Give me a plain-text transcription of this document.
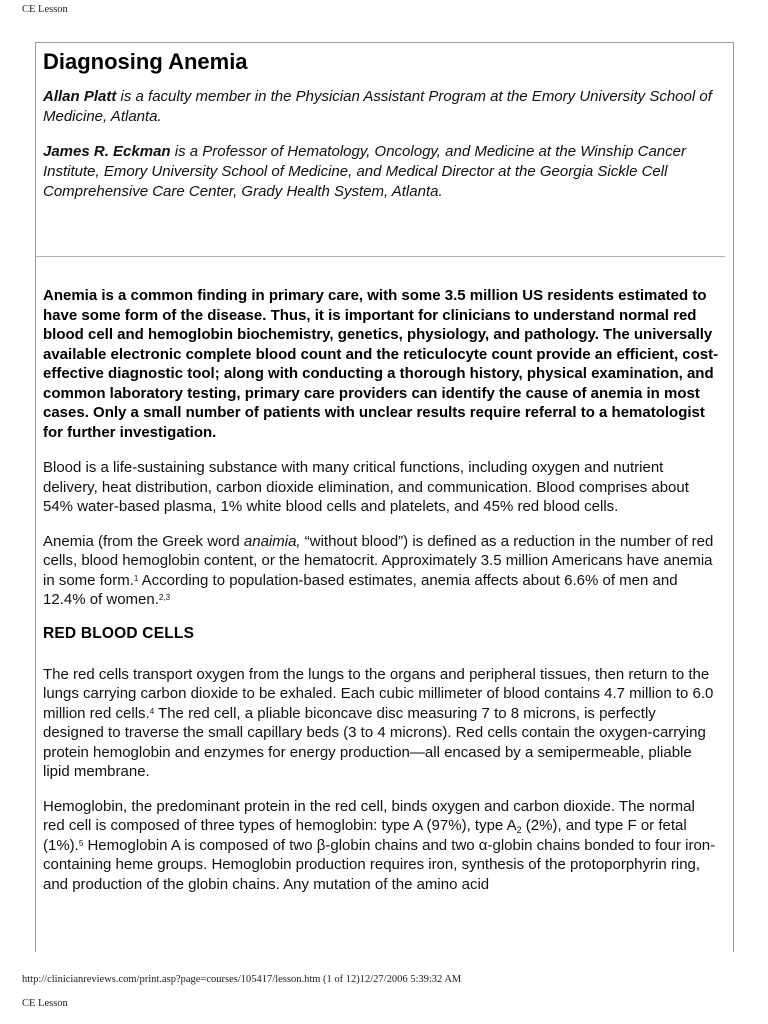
CE Lesson
Diagnosing Anemia

Allan Platt is a faculty member in the Physician Assistant Program at the Emory University School of Medicine, Atlanta.

James R. Eckman is a Professor of Hematology, Oncology, and Medicine at the Winship Cancer Institute, Emory University School of Medicine, and Medical Director at the Georgia Sickle Cell Comprehensive Care Center, Grady Health System, Atlanta.

Anemia is a common finding in primary care, with some 3.5 million US residents estimated to have some form of the disease. Thus, it is important for clinicians to understand normal red blood cell and hemoglobin biochemistry, genetics, physiology, and pathology. The universally available electronic complete blood count and the reticulocyte count provide an efficient, cost-effective diagnostic tool; along with conducting a thorough history, physical examination, and common laboratory testing, primary care providers can identify the cause of anemia in most cases. Only a small number of patients with unclear results require referral to a hematologist for further investigation.

Blood is a life-sustaining substance with many critical functions, including oxygen and nutrient delivery, heat distribution, carbon dioxide elimination, and communication. Blood comprises about 54% water-based plasma, 1% white blood cells and platelets, and 45% red blood cells.

Anemia (from the Greek word anaimia, “without blood”) is defined as a reduction in the number of red cells, blood hemoglobin content, or the hematocrit. Approximately 3.5 million Americans have anemia in some form.$^1$ According to population-based estimates, anemia affects about 6.6% of men and 12.4% of women.$^{2,3}$

RED BLOOD CELLS

The red cells transport oxygen from the lungs to the organs and peripheral tissues, then return to the lungs carrying carbon dioxide to be exhaled. Each cubic millimeter of blood contains 4.7 million to 6.0 million red cells.$^4$ The red cell, a pliable biconcave disc measuring 7 to 8 microns, is perfectly designed to traverse the small capillary beds (3 to 4 microns). Red cells contain the oxygen-carrying protein hemoglobin and enzymes for energy production—all encased by a semipermeable, pliable lipid membrane.

Hemoglobin, the predominant protein in the red cell, binds oxygen and carbon dioxide. The normal red cell is composed of three types of hemoglobin: type A (97%), type $A_2$ (2%), and type F or fetal (1%).$^5$ Hemoglobin A is composed of two β-globin chains and two α-globin chains bonded to four iron-containing heme groups. Hemoglobin production requires iron, synthesis of the protoporphyrin ring, and production of the globin chains. Any mutation of the amino acid

http://clinicianreviews.com/print.asp?page=courses/105417/lesson.htm (1 of 12)12/27/2006 5:39:32 AM
CE Lesson
